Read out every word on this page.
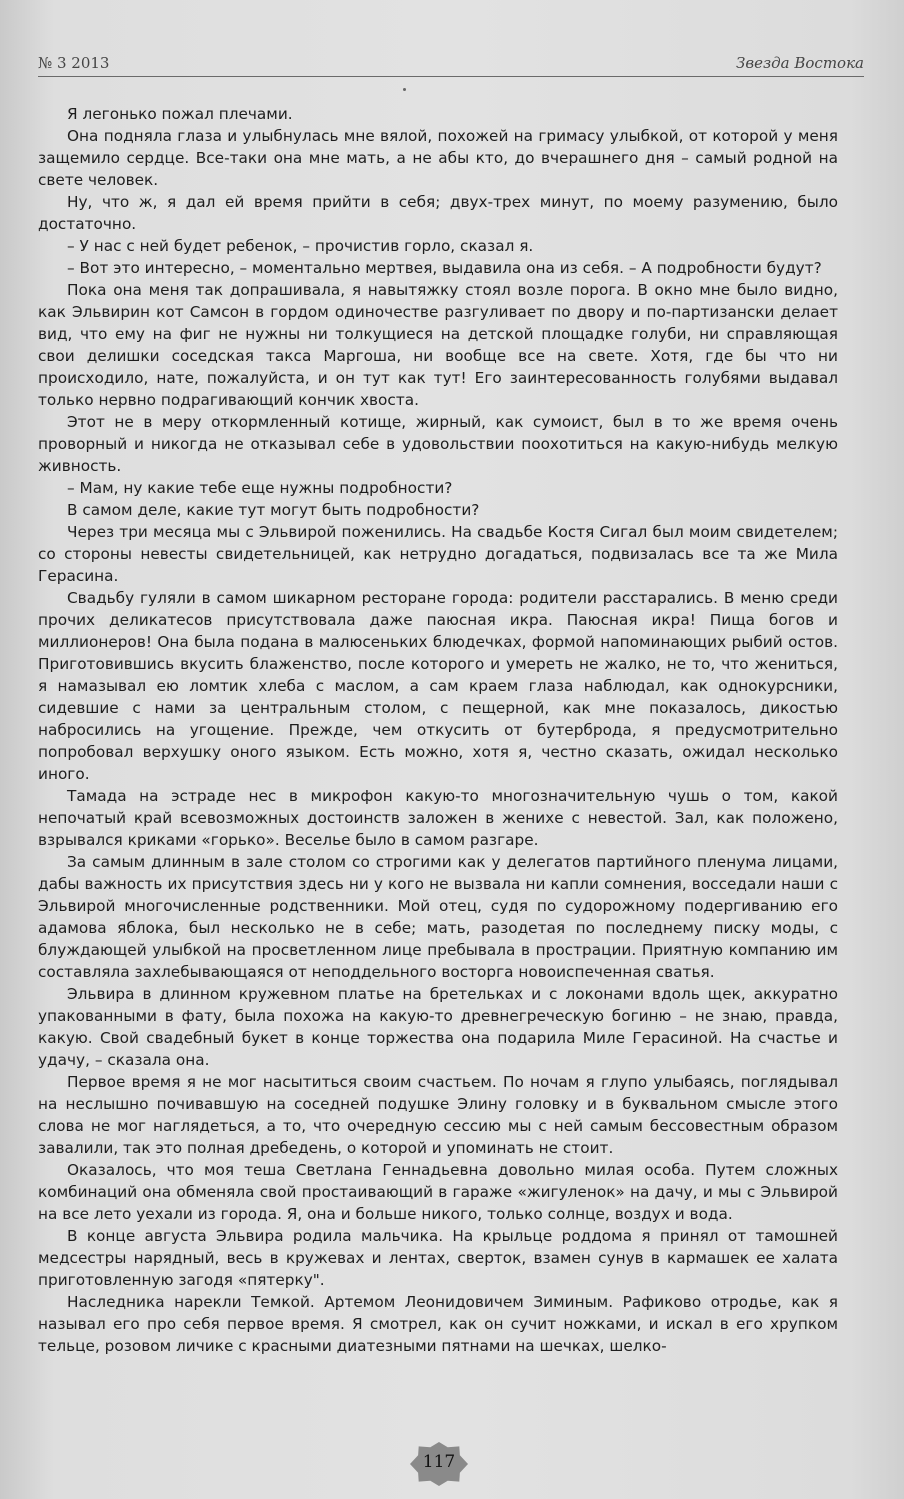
№ 3 2013	Звезда Востока

Я легонько пожал плечами.

Она подняла глаза и улыбнулась мне вялой, похожей на гримасу улыбкой, от которой у меня защемило сердце. Все-таки она мне мать, а не абы кто, до вчерашнего дня – самый родной на свете человек.

Ну, что ж, я дал ей время прийти в себя; двух-трех минут, по моему разумению, было достаточно.

– У нас с ней будет ребенок, – прочистив горло, сказал я.

– Вот это интересно, – моментально мертвея, выдавила она из себя. – А подробности будут?

Пока она меня так допрашивала, я навытяжку стоял возле порога. В окно мне было видно, как Эльвирин кот Самсон в гордом одиночестве разгуливает по двору и по-партизански делает вид, что ему на фиг не нужны ни толкущиеся на детской площадке голуби, ни справляющая свои делишки соседская такса Маргоша, ни вообще все на свете. Хотя, где бы что ни происходило, нате, пожалуйста, и он тут как тут! Его заинтересованность голубями выдавал только нервно подрагивающий кончик хвоста.

Этот не в меру откормленный котище, жирный, как сумоист, был в то же время очень проворный и никогда не отказывал себе в удовольствии поохотиться на какую-нибудь мелкую живность.

– Мам, ну какие тебе еще нужны подробности?

В самом деле, какие тут могут быть подробности?

Через три месяца мы с Эльвирой поженились. На свадьбе Костя Сигал был моим свидетелем; со стороны невесты свидетельницей, как нетрудно догадаться, подвизалась все та же Мила Герасина.

Свадьбу гуляли в самом шикарном ресторане города: родители расстарались. В меню среди прочих деликатесов присутствовала даже паюсная икра. Паюсная икра! Пища богов и миллионеров! Она была подана в малюсеньких блюдечках, формой напоминающих рыбий остов. Приготовившись вкусить блаженство, после которого и умереть не жалко, не то, что жениться, я намазывал ею ломтик хлеба с маслом, а сам краем глаза наблюдал, как однокурсники, сидевшие с нами за центральным столом, с пещерной, как мне показалось, дикостью набросились на угощение. Прежде, чем откусить от бутерброда, я предусмотрительно попробовал верхушку оного языком. Есть можно, хотя я, честно сказать, ожидал несколько иного.

Тамада на эстраде нес в микрофон какую-то многозначительную чушь о том, какой непочатый край всевозможных достоинств заложен в женихе с невестой. Зал, как положено, взрывался криками «горько». Веселье было в самом разгаре.

За самым длинным в зале столом со строгими как у делегатов партийного пленума лицами, дабы важность их присутствия здесь ни у кого не вызвала ни капли сомнения, восседали наши с Эльвирой многочисленные родственники. Мой отец, судя по судорожному подергиванию его адамова яблока, был несколько не в себе; мать, разодетая по последнему писку моды, с блуждающей улыбкой на просветленном лице пребывала в прострации. Приятную компанию им составляла захлебывающаяся от неподдельного восторга новоиспеченная сватья.

Эльвира в длинном кружевном платье на бретельках и с локонами вдоль щек, аккуратно упакованными в фату, была похожа на какую-то древнегреческую богиню – не знаю, правда, какую. Свой свадебный букет в конце торжества она подарила Миле Герасиной. На счастье и удачу, – сказала она.

Первое время я не мог насытиться своим счастьем. По ночам я глупо улыбаясь, поглядывал на неслышно почивавшую на соседней подушке Элину головку и в буквальном смысле этого слова не мог наглядеться, а то, что очередную сессию мы с ней самым бессовестным образом завалили, так это полная дребедень, о которой и упоминать не стоит.

Оказалось, что моя теша Светлана Геннадьевна довольно милая особа. Путем сложных комбинаций она обменяла свой простаивающий в гараже «жигуленок» на дачу, и мы с Эльвирой на все лето уехали из города. Я, она и больше никого, только солнце, воздух и вода.

В конце августа Эльвира родила мальчика. На крыльце роддома я принял от тамошней медсестры нарядный, весь в кружевах и лентах, сверток, взамен сунув в кармашек ее халата приготовленную загодя «пятерку".

Наследника нарекли Темкой. Артемом Леонидовичем Зиминым. Рафиково отродье, как я называл его про себя первое время. Я смотрел, как он сучит ножками, и искал в его хрупком тельце, розовом личике с красными диатезными пятнами на шечках, шелко-

117
